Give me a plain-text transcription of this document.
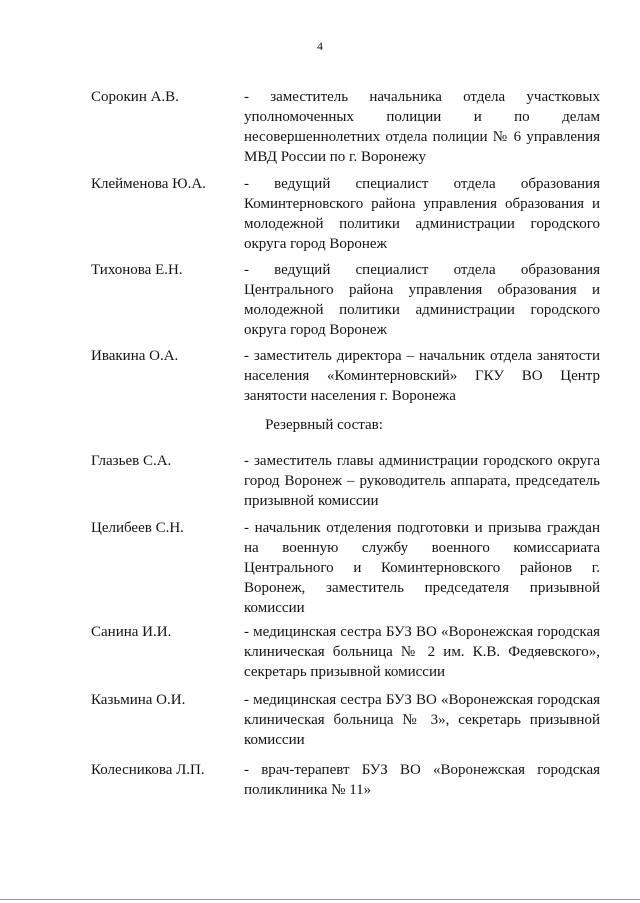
4
Сорокин А.В.	- заместитель начальника отдела участковых уполномоченных полиции и по делам несовершеннолетних отдела полиции № 6 управления МВД России по г. Воронежу

Клейменова Ю.А.	- ведущий специалист отдела образования Коминтерновского района управления образования и молодежной политики администрации городского округа город Воронеж

Тихонова Е.Н.	- ведущий специалист отдела образования Центрального района управления образования и молодежной политики администрации городского округа город Воронеж

Ивакина О.А.	- заместитель директора – начальник отдела занятости населения «Коминтерновский» ГКУ ВО Центр занятости населения г. Воронежа

Резервный состав:
Глазьев С.А.	- заместитель главы администрации городского округа город Воронеж – руководитель аппарата, председатель призывной комиссии

Целибеев С.Н.	- начальник отделения подготовки и призыва граждан на военную службу военного комиссариата Центрального и Коминтерновского районов г. Воронеж, заместитель председателя призывной комиссии

Санина И.И.	- медицинская сестра БУЗ ВО «Воронежская городская клиническая больница № 2 им. К.В. Федяевского», секретарь призывной комиссии

Казьмина О.И.	- медицинская сестра БУЗ ВО «Воронежская городская клиническая больница № 3», секретарь призывной комиссии

Колесникова Л.П.	- врач-терапевт БУЗ ВО «Воронежская городская поликлиника № 11»
